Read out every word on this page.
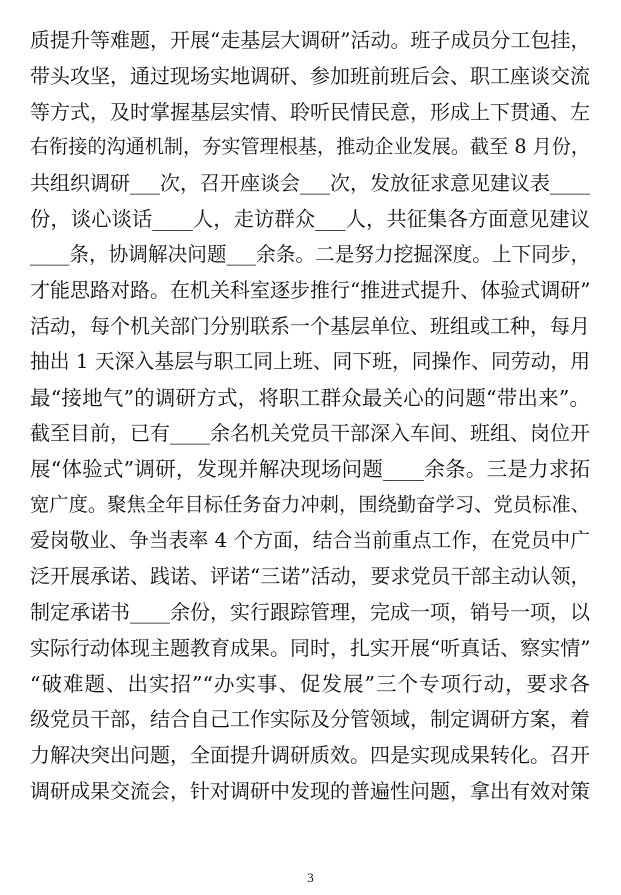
质提升等难题，开展“走基层大调研”活动。班子成员分工包挂，
带头攻坚，通过现场实地调研、参加班前班后会、职工座谈交流
等方式，及时掌握基层实情、聆听民情民意，形成上下贯通、左
右衔接的沟通机制，夯实管理根基，推动企业发展。截至 8 月份，
共组织调研___次，召开座谈会___次，发放征求意见建议表____
份，谈心谈话____人，走访群众___人，共征集各方面意见建议
____条，协调解决问题___余条。二是努力挖掘深度。上下同步，
才能思路对路。在机关科室逐步推行“推进式提升、体验式调研”
活动，每个机关部门分别联系一个基层单位、班组或工种，每月
抽出 1 天深入基层与职工同上班、同下班，同操作、同劳动，用
最“接地气”的调研方式，将职工群众最关心的问题“带出来”。
截至目前，已有____余名机关党员干部深入车间、班组、岗位开
展“体验式”调研，发现并解决现场问题____余条。三是力求拓
宽广度。聚焦全年目标任务奋力冲刺，围绕勤奋学习、党员标准、
爱岗敬业、争当表率 4 个方面，结合当前重点工作，在党员中广
泛开展承诺、践诺、评诺“三诺”活动，要求党员干部主动认领，
制定承诺书____余份，实行跟踪管理，完成一项，销号一项，以
实际行动体现主题教育成果。同时，扎实开展“听真话、察实情”
“破难题、出实招”“办实事、促发展”三个专项行动，要求各
级党员干部，结合自己工作实际及分管领域，制定调研方案，着
力解决突出问题，全面提升调研质效。四是实现成果转化。召开
调研成果交流会，针对调研中发现的普遍性问题，拿出有效对策
3
